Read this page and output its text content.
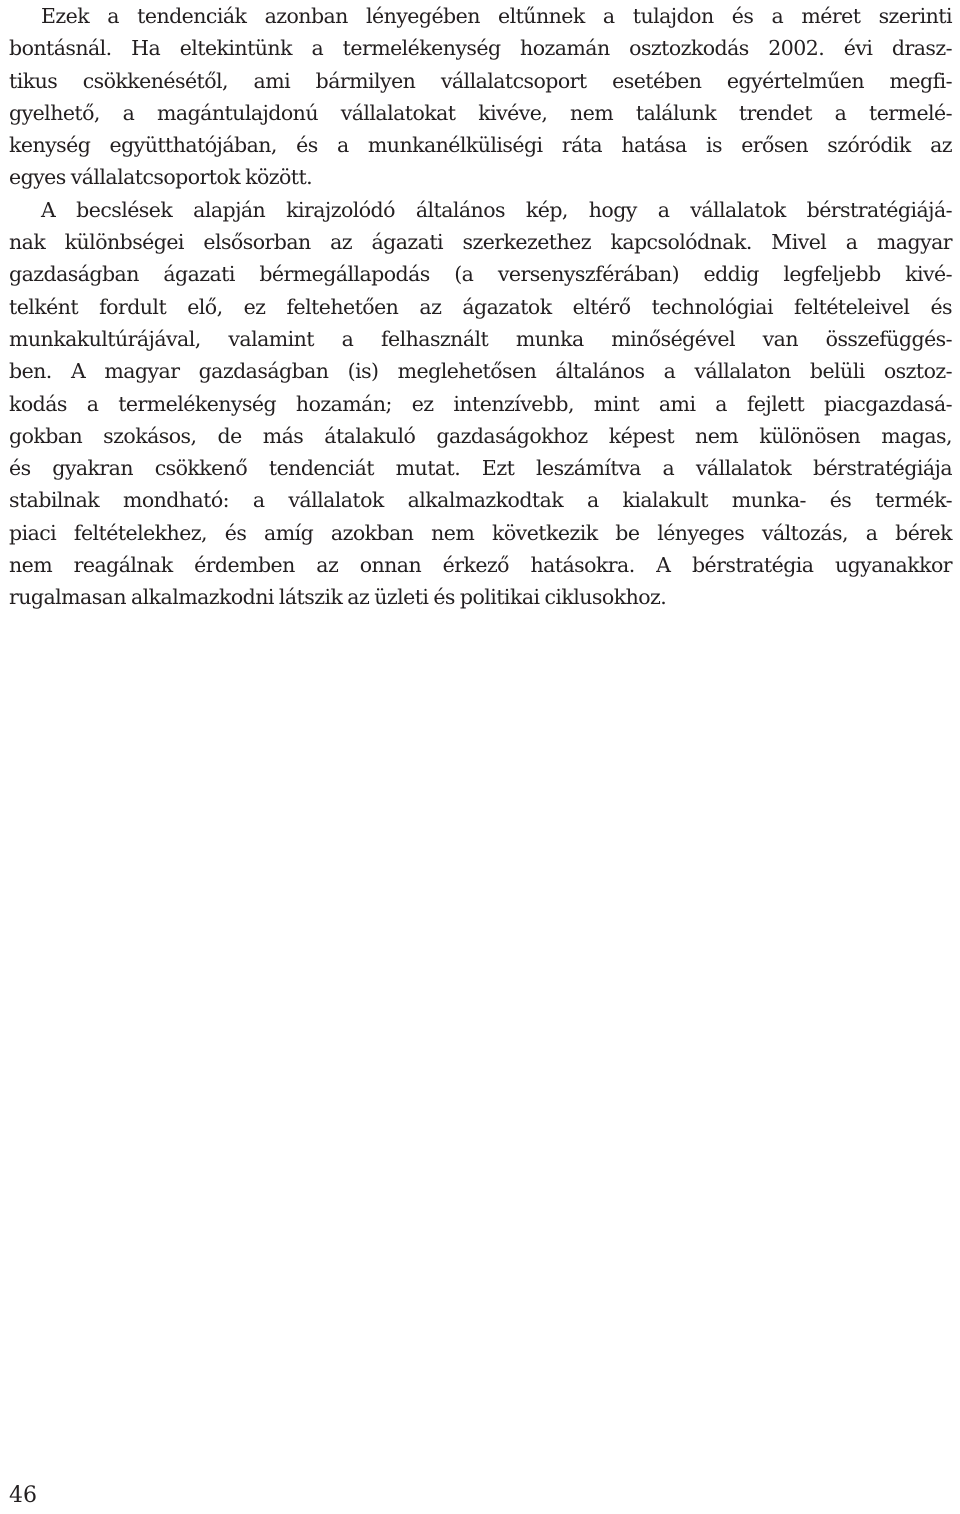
Ezek a tendenciák azonban lényegében eltűnnek a tulajdon és a méret szerinti
bontásnál. Ha eltekintünk a termelékenység hozamán osztozkodás 2002. évi drasz-
tikus csökkenésétől, ami bármilyen vállalatcsoport esetében egyértelműen megfi-
gyelhető, a magántulajdonú vállalatokat kivéve, nem találunk trendet a termelé-
kenység együtthatójában, és a munkanélküliségi ráta hatása is erősen szóródik az
egyes vállalatcsoportok között.
A becslések alapján kirajzolódó általános kép, hogy a vállalatok bérstratégiájá-
nak különbségei elsősorban az ágazati szerkezethez kapcsolódnak. Mivel a magyar
gazdaságban ágazati bérmegállapodás (a versenyszférában) eddig legfeljebb kivé-
telként fordult elő, ez feltehetően az ágazatok eltérő technológiai feltételeivel és
munkakultúrájával, valamint a felhasznált munka minőségével van összefüggés-
ben. A magyar gazdaságban (is) meglehetősen általános a vállalaton belüli osztoz-
kodás a termelékenység hozamán; ez intenzívebb, mint ami a fejlett piacgazdasá-
gokban szokásos, de más átalakuló gazdaságokhoz képest nem különösen magas,
és gyakran csökkenő tendenciát mutat. Ezt leszámítva a vállalatok bérstratégiája
stabilnak mondható: a vállalatok alkalmazkodtak a kialakult munka- és termék-
piaci feltételekhez, és amíg azokban nem következik be lényeges változás, a bérek
nem reagálnak érdemben az onnan érkező hatásokra. A bérstratégia ugyanakkor
rugalmasan alkalmazkodni látszik az üzleti és politikai ciklusokhoz.
46
